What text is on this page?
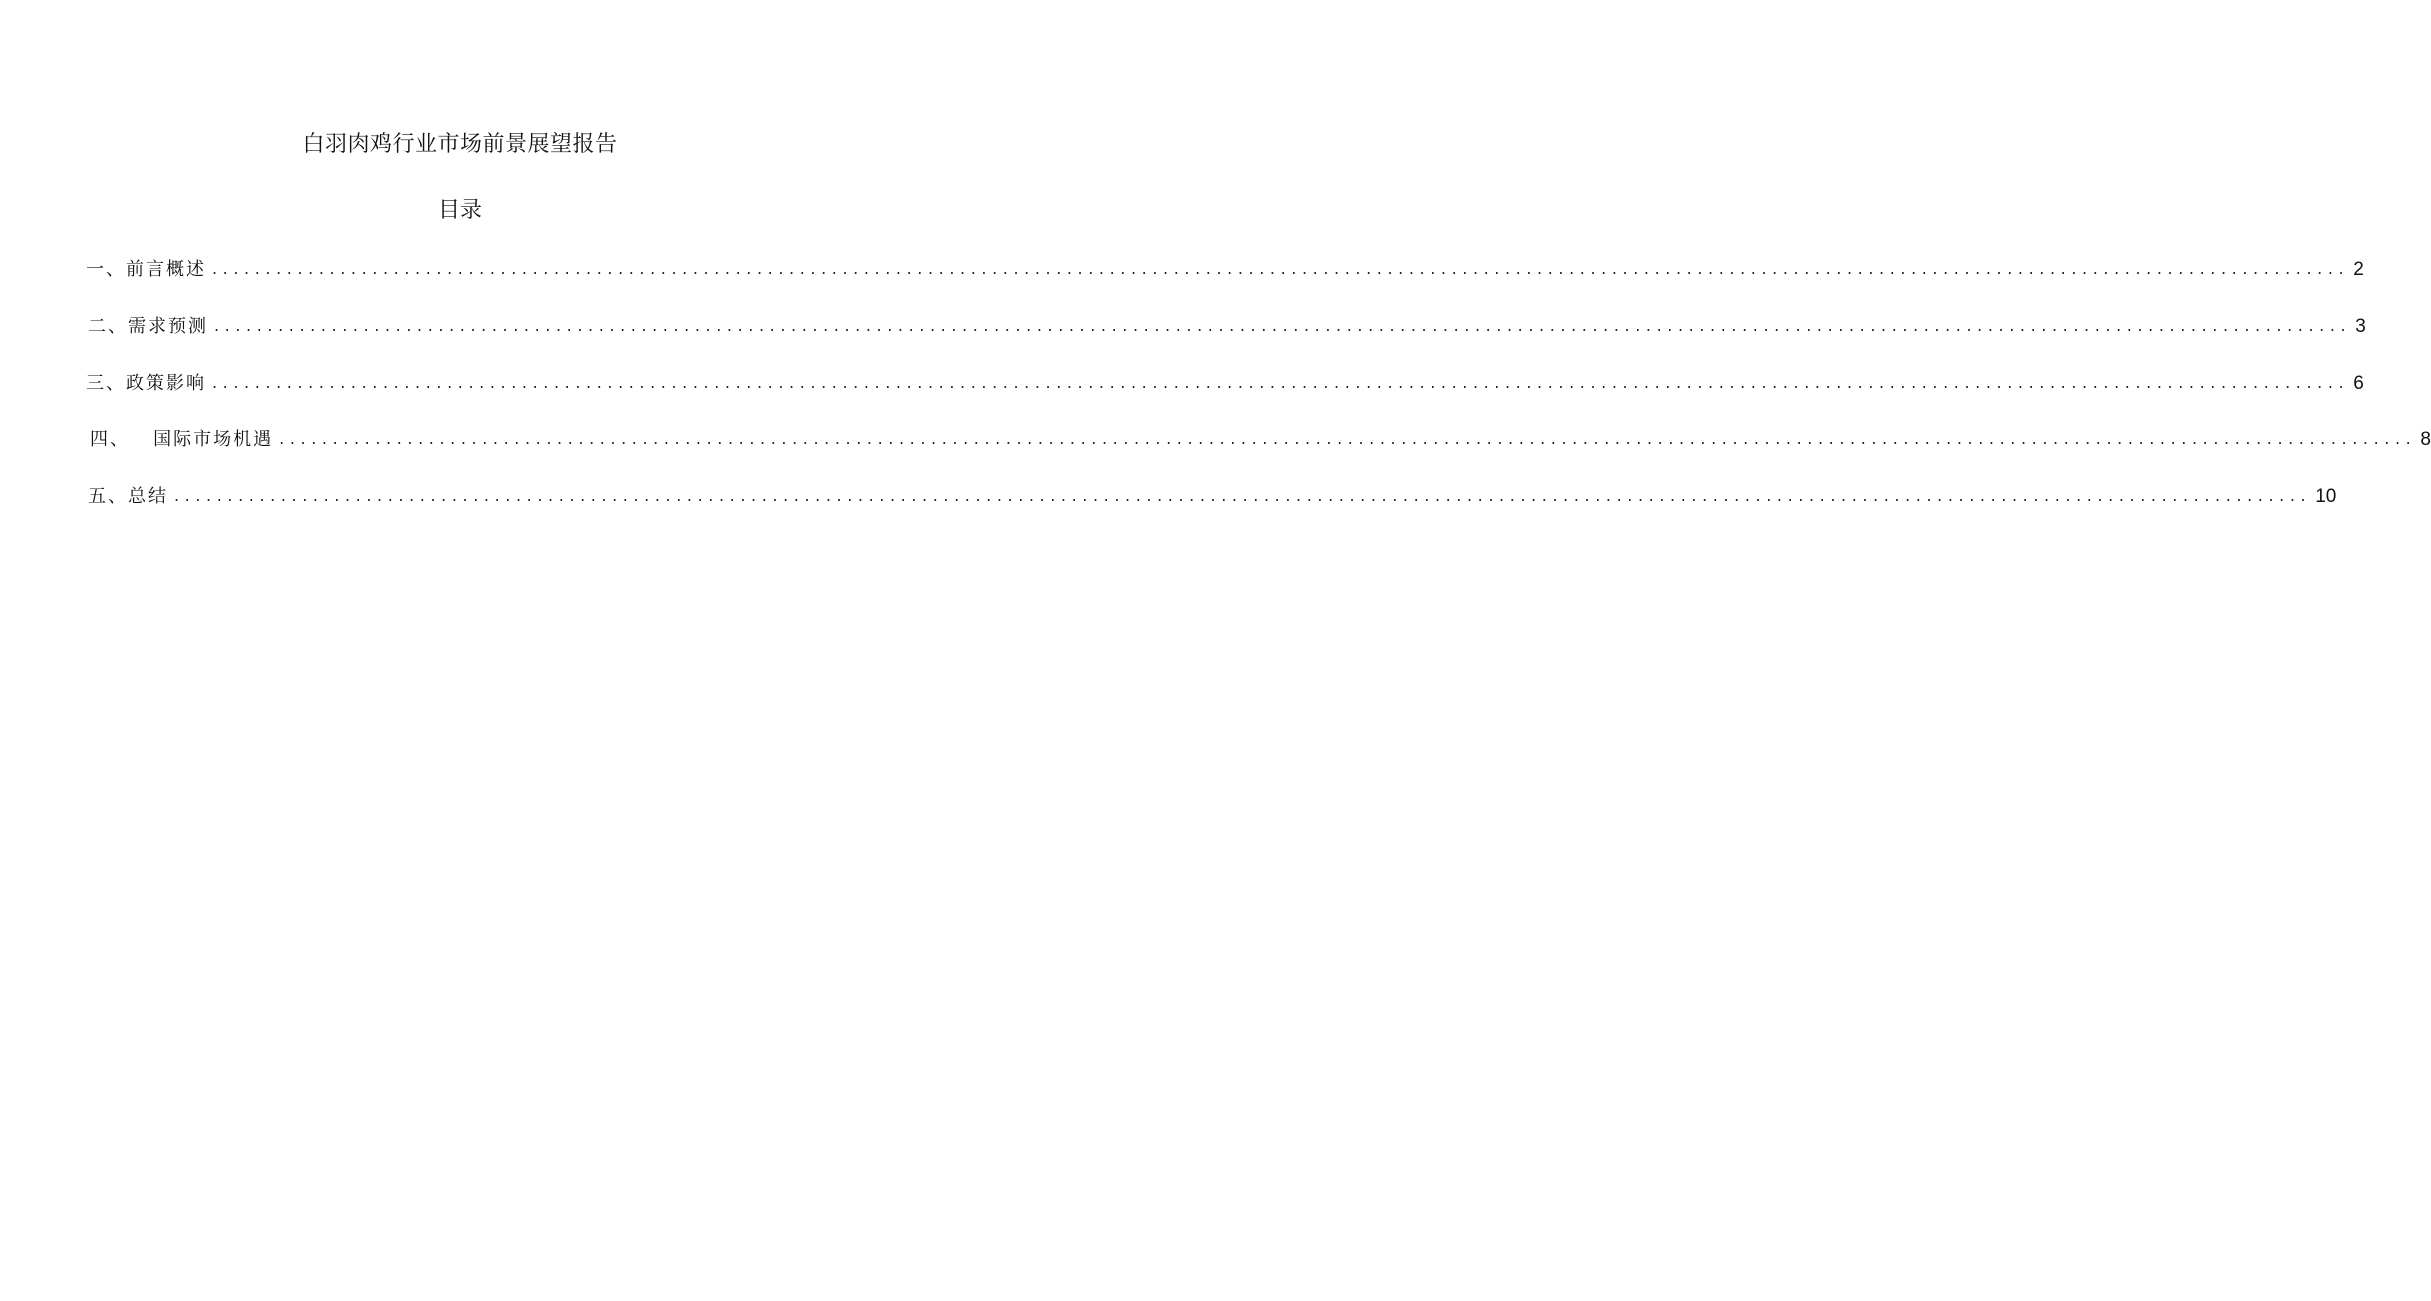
白羽肉鸡行业市场前景展望报告
目录
一、前言概述 ........................................................................................................................................................................................................ 2
二、需求预测 ........................................................................................................................................................................................................ 3
三、政策影响 ........................................................................................................................................................................................................ 6
四、   国际市场机遇 ........................................................................................................................................................................................................ 8
五、总结 ........................................................................................................................................................................................................ 10
